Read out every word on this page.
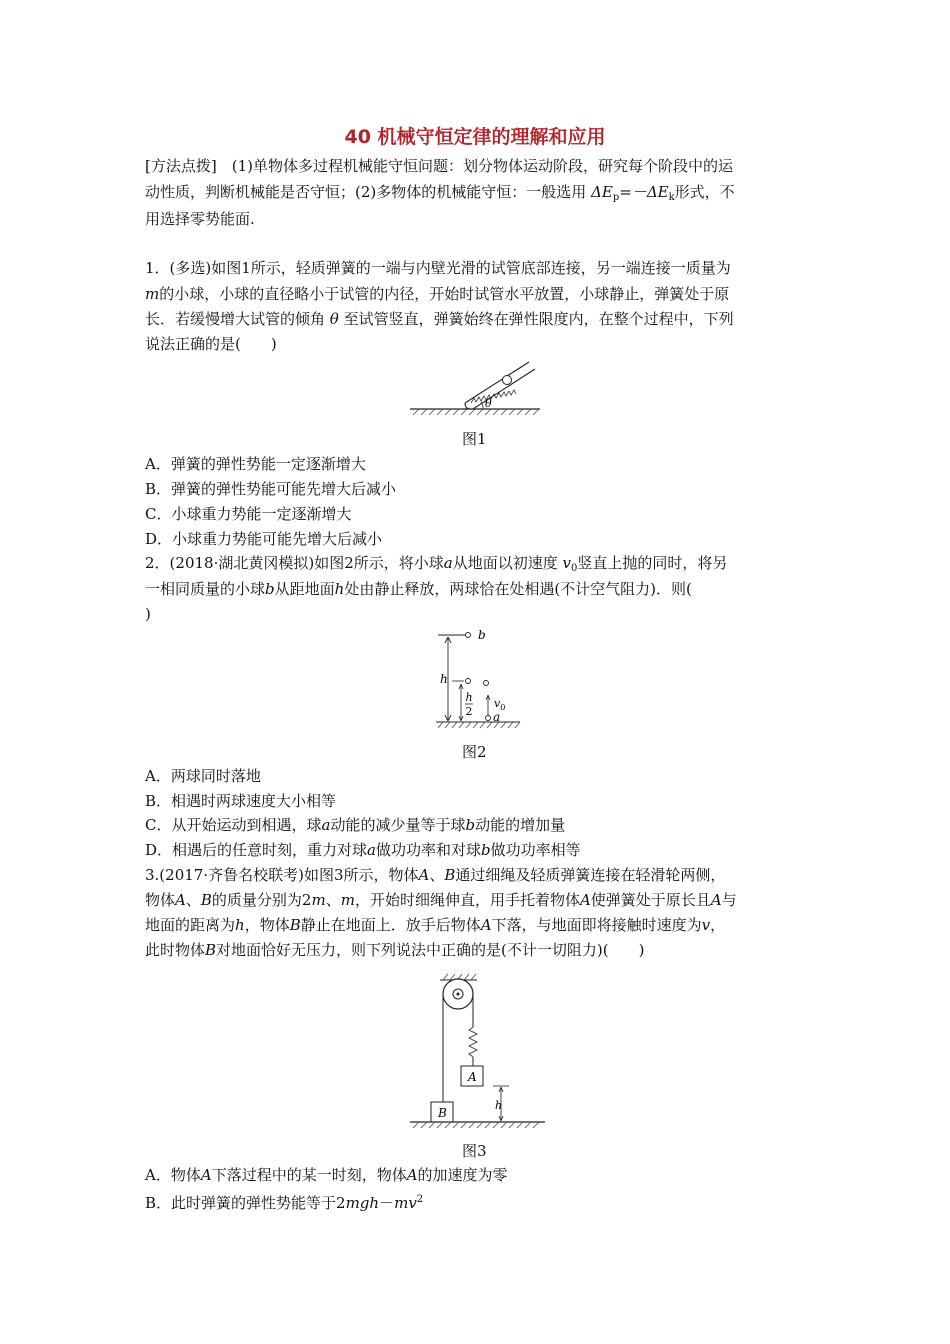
40 机械守恒定律的理解和应用
[方法点拨]　 (1)单物体多过程机械能守恒问题：划分物体运动阶段，研究每个阶段中的运
动性质，判断机械能是否守恒；(2)多物体的机械能守恒：一般选用 $\Delta E_p=-\Delta E_k$形式，不
用选择零势能面.
1．(多选)如图1所示，轻质弹簧的一端与内壁光滑的试管底部连接，另一端连接一质量为
m的小球，小球的直径略小于试管的内径，开始时试管水平放置，小球静止，弹簧处于原
长．若缓慢增大试管的倾角 θ 至试管竖直，弹簧始终在弹性限度内，在整个过程中，下列
说法正确的是(　　)
θ
图1
A．弹簧的弹性势能一定逐渐增大
B．弹簧的弹性势能可能先增大后减小
C．小球重力势能一定逐渐增大
D．小球重力势能可能先增大后减小
2．(2018·湖北黄冈模拟)如图2所示，将小球a从地面以初速度 $v_0$竖直上抛的同时，将另
一相同质量的小球b从距地面h处由静止释放，两球恰在处相遇(不计空气阻力)．则(
)
b
h
h
2
$v_0$
a
图2
A．两球同时落地
B．相遇时两球速度大小相等
C．从开始运动到相遇，球a动能的减少量等于球b动能的增加量
D．相遇后的任意时刻，重力对球a做功功率和对球b做功功率相等
3.(2017·齐鲁名校联考)如图3所示，物体A、B通过细绳及轻质弹簧连接在轻滑轮两侧，
物体A、B的质量分别为2m、m，开始时细绳伸直，用手托着物体A使弹簧处于原长且A与
地面的距离为h，物体B静止在地面上．放手后物体A下落，与地面即将接触时速度为v，
此时物体B对地面恰好无压力，则下列说法中正确的是(不计一切阻力)(　　)
A
B
h
图3
A．物体A下落过程中的某一时刻，物体A的加速度为零
B．此时弹簧的弹性势能等于$2mgh-mv^2$
